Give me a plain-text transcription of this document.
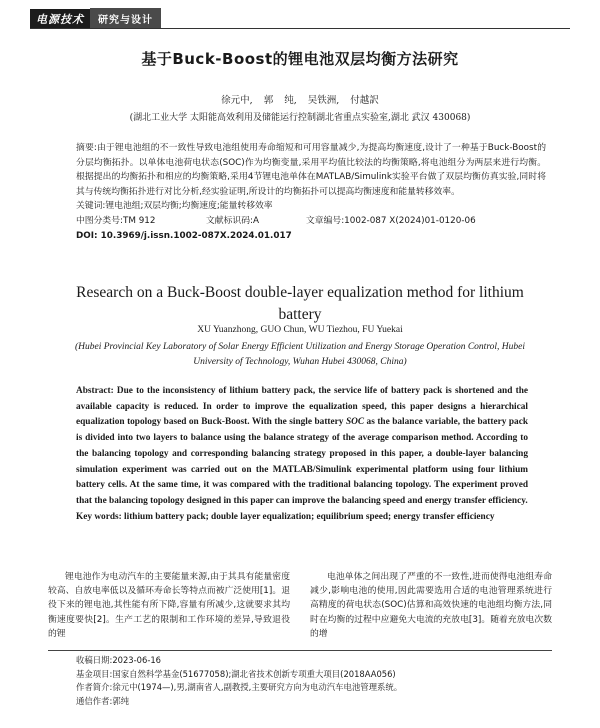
电源技术	研究与设计
基于Buck-Boost的锂电池双层均衡方法研究
徐元中, 郭 纯, 吴铁洲, 付越訳
(湖北工业大学 太阳能高效利用及储能运行控制湖北省重点实验室,湖北 武汉 430068)

摘要:由于锂电池组的不一致性导致电池组使用寿命缩短和可用容量减少,为提高均衡速度,设计了一种基于Buck-Boost的分层均衡拓扑。以单体电池荷电状态(SOC)作为均衡变量,采用平均值比较法的均衡策略,将电池组分为两层来进行均衡。根据提出的均衡拓扑和相应的均衡策略,采用4节锂电池单体在MATLAB/Simulink实验平台做了双层均衡仿真实验,同时将其与传统均衡拓扑进行对比分析,经实验证明,所设计的均衡拓扑可以提高均衡速度和能量转移效率。

关键词:锂电池组;双层均衡;均衡速度;能量转移效率

中图分类号:TM 912	文献标识码:A	文章编号:1002-087 X(2024)01-0120-06

DOI: 10.3969/j.issn.1002-087X.2024.01.017

Research on a Buck-Boost double-layer equalization method for lithium battery
XU Yuanzhong, GUO Chun, WU Tiezhou, FU Yuekai
(Hubei Provincial Key Laboratory of Solar Energy Efficient Utilization and Energy Storage Operation Control, Hubei University of Technology, Wuhan Hubei 430068, China)

Abstract: Due to the inconsistency of lithium battery pack, the service life of battery pack is shortened and the available capacity is reduced. In order to improve the equalization speed, this paper designs a hierarchical equalization topology based on Buck-Boost. With the single battery SOC as the balance variable, the battery pack is divided into two layers to balance using the balance strategy of the average comparison method. According to the balancing topology and corresponding balancing strategy proposed in this paper, a double-layer balancing simulation experiment was carried out on the MATLAB/Simulink experimental platform using four lithium battery cells. At the same time, it was compared with the traditional balancing topology. The experiment proved that the balancing topology designed in this paper can improve the balancing speed and energy transfer efficiency.

Key words: lithium battery pack; double layer equalization; equilibrium speed; energy transfer efficiency

锂电池作为电动汽车的主要能量来源,由于其具有能量密度较高、自放电率低以及循环寿命长等特点而被广泛使用[1]。退役下来的锂电池,其性能有所下降,容量有所减少,这就要求其均衡速度要快[2]。生产工艺的限制和工作环境的差异,导致退役的锂
电池单体之间出现了严重的不一致性,进而使得电池组寿命减少,影响电池的使用,因此需要选用合适的电池管理系统进行高精度的荷电状态(SOC)估算和高效快速的电池组均衡方法,同时在均衡的过程中应避免大电流的充放电[3]。随着充放电次数的增
收稿日期:2023-06-16
基金项目:国家自然科学基金(51677058);湖北省技术创新专项重大项目(2018AA056)
作者简介:徐元中(1974—),男,湖南省人,副教授,主要研究方向为电动汽车电池管理系统。
通信作者:郭纯
